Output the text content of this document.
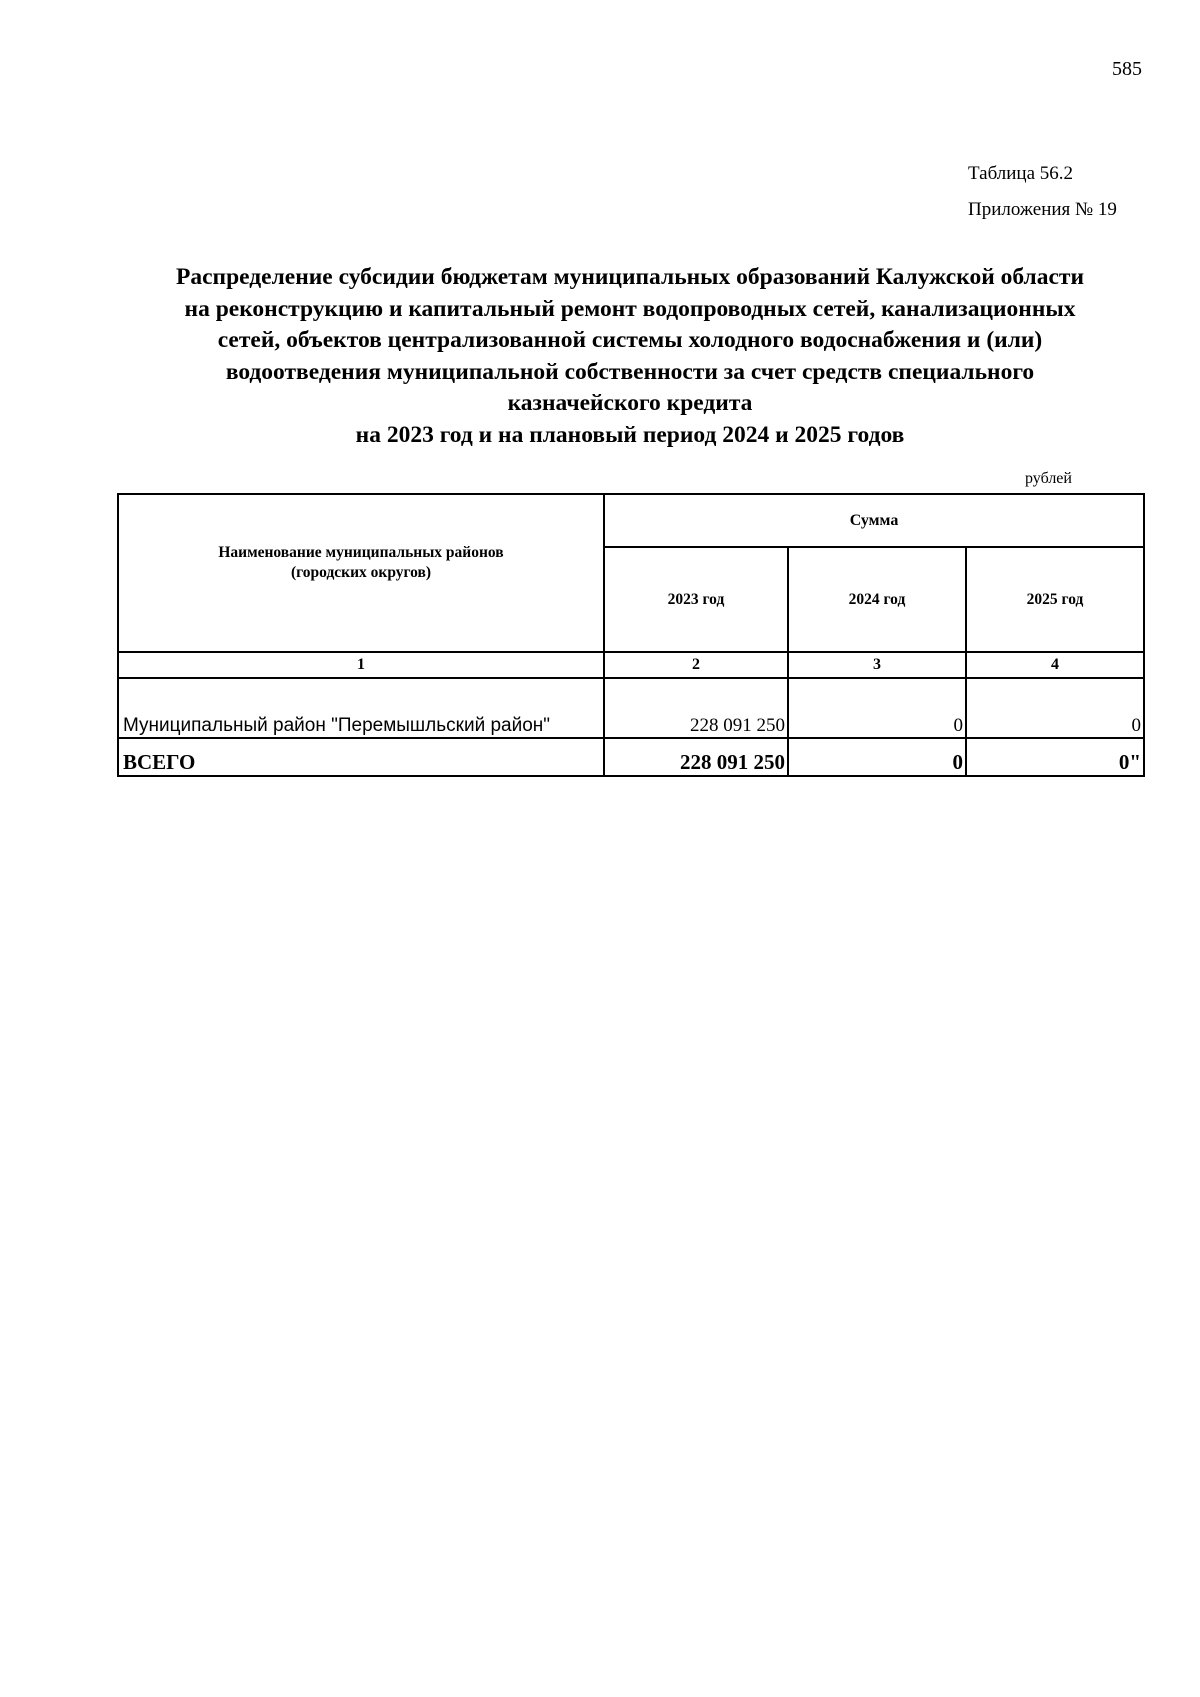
585
Таблица 56.2
Приложения № 19
Распределение субсидии бюджетам муниципальных образований Калужской области
на реконструкцию и капитальный ремонт водопроводных сетей, канализационных
сетей, объектов централизованной системы холодного водоснабжения и (или)
водоотведения муниципальной собственности за счет средств специального
казначейского кредита
на 2023 год и на плановый период 2024 и 2025 годов
рублей
Наименование муниципальных районов
(городских округов)	Сумма		
	2023 год	2024 год	2025 год
1	2	3	4
Муниципальный район "Перемышльский район"	228 091 250	0	0
ВСЕГО	228 091 250	0	0"
